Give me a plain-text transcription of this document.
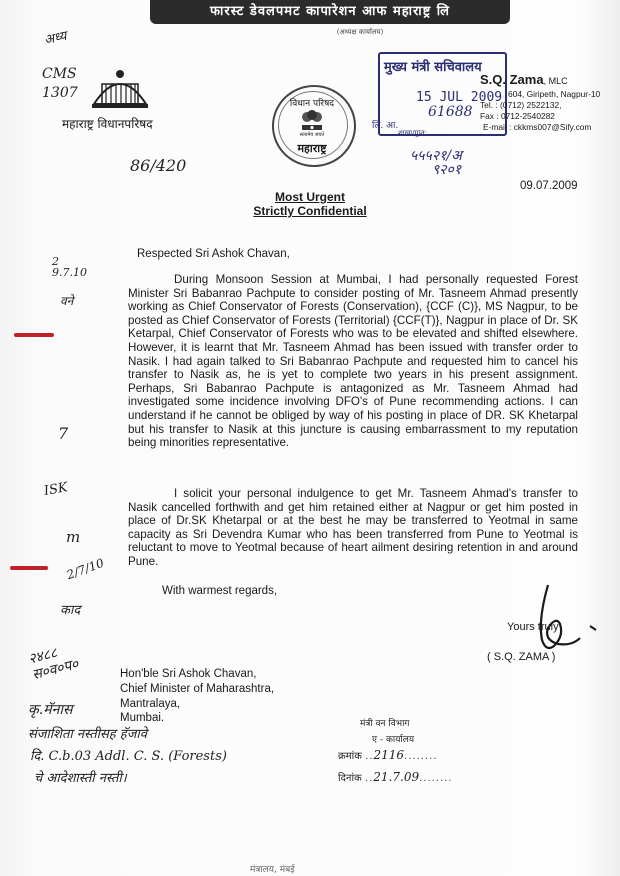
फारस्ट डेवलपमट कापारेशन आफ महाराष्ट्र लि
(अध्यक्ष कार्यालय)
अध्य
CMS
1307
86/420
महाराष्ट्र विधानपरिषद
विधान परिषद
सत्यमेव जयते
महाराष्ट्र
मुख्य मंत्री सचिवालय
15 JUL 2009
61688
लि. आ.
शाखा/गुप्त:
५५५२१/अ
९२०१
S.Q. Zama, MLC
604, Giripeth, Nagpur-10
Tel. : (0712) 2522132,
Fax : 0712-2540282
E-mail : ckkms007@Sify.com
09.07.2009
Most Urgent
Strictly Confidential
2
9.7.10
वने
7
ISK
m
2/7/10
काद
२४८८
स०व०प०
कृ.मॅनास
Respected Sri Ashok Chavan,
During Monsoon Session at Mumbai, I had personally requested Forest Minister Sri Babanrao Pachpute to consider posting of Mr. Tasneem Ahmad presently working as Chief Conservator of Forests (Conservation), {CCF (C)}, MS Nagpur, to be posted as Chief Conservator of Forests (Territorial) {CCF(T)}, Nagpur in place of Dr. SK Ketarpal, Chief Conservator of Forests who was to be elevated and shifted elsewhere. However, it is learnt that Mr. Tasneem Ahmad has been issued with transfer order to Nasik. I had again talked to Sri Babanrao Pachpute and requested him to cancel his transfer to Nasik as, he is yet to complete two years in his present assignment. Perhaps, Sri Babanrao Pachpute is antagonized as Mr. Tasneem Ahmad had investigated some incidence involving DFO's of Pune recommending actions. I can understand if he cannot be obliged by way of his posting in place of DR. SK Khetarpal but his transfer to Nasik at this juncture is causing embarrassment to my reputation being minorities representative.
I solicit your personal indulgence to get Mr. Tasneem Ahmad's transfer to Nasik cancelled forthwith and get him retained either at Nagpur or get him posted in place of Dr.SK Khetarpal or at the best he may be transferred to Yeotmal in same capacity as Sri Devendra Kumar who has been transferred from Pune to Yeotmal is reluctant to move to Yeotmal because of heart ailment desiring retention in and around Pune.
With warmest regards,
Yours truly
( S.Q. ZAMA )
Hon'ble Sri Ashok Chavan,
Chief Minister of Maharashtra,
Mantralaya,
Mumbai.	मंत्री वन विभाग
ए - कार्यालय
क्रमांक ..2116........
दिनांक ..21.7.09........
संजाशिता नस्तीसह हॅजावे
दि. C.b.03 Addl. C. S. (Forests)
चे आदेशास्ती नस्ती।
मंत्रालय, मंबई
